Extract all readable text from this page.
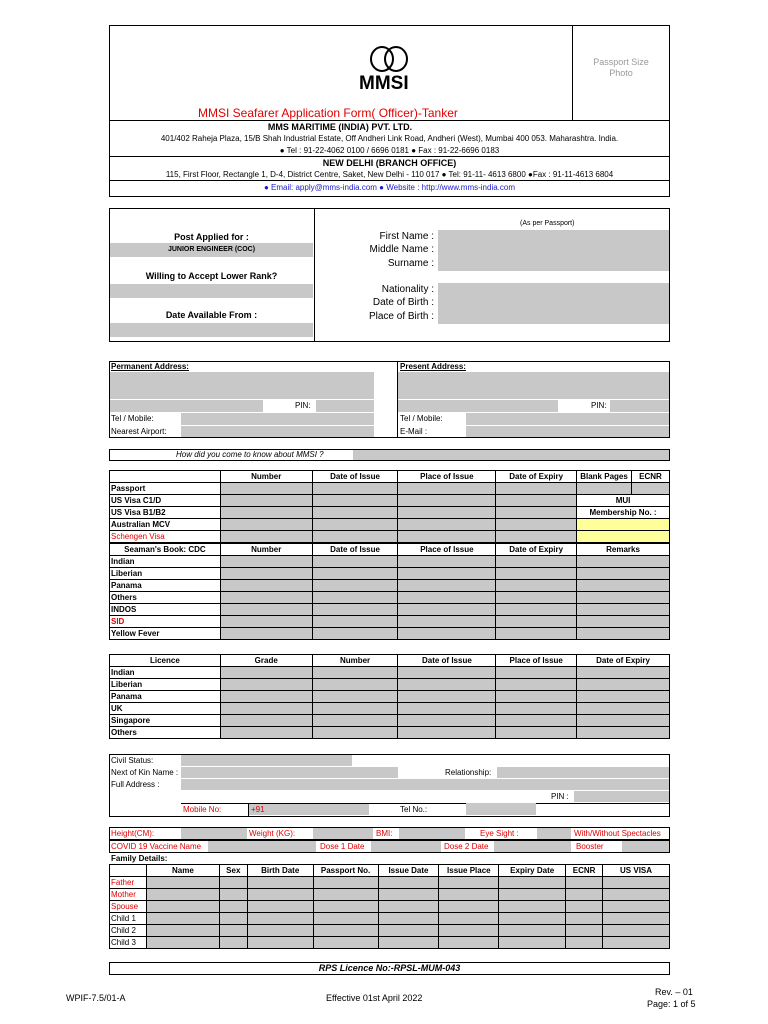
MMSI
MMSI Seafarer Application Form( Officer)-Tanker
MMS MARITIME (INDIA) PVT. LTD.
401/402 Raheja Plaza, 15/B Shah Industrial Estate, Off Andheri Link Road, Andheri (West), Mumbai 400 053. Maharashtra. India.
● Tel : 91-22-4062 0100 / 6696 0181 ● Fax : 91-22-6696 0183
NEW DELHI (BRANCH OFFICE)
115, First Floor, Rectangle 1, D-4, District Centre, Saket, New Delhi - 110 017 ● Tel: 91-11- 4613 6800 ●Fax : 91-11-4613 6804
● Email: apply@mms-india.com ● Website : http://www.mms-india.com
Passport Size Photo
Post Applied for :
JUNIOR ENGINEER (COC)
Willing to Accept Lower Rank?
Date Available From :
(As per Passport)
First Name :
Middle Name :
Surname :
Nationality :
Date of Birth :
Place of Birth :
Permanent Address:	Present Address:
PIN:
Tel / Mobile:
Nearest Airport:
PIN:
Tel / Mobile:
E-Mail :
How did you come to know about MMSI ?
	Number	Date of Issue	Place of Issue	Date of Expiry	Blank Pages	ECNR
Passport						
US Visa C1/D					MUI	
US Visa B1/B2					Membership No. :	
Australian MCV						
Schengen Visa						
Seaman's Book: CDC	Number	Date of Issue	Place of Issue	Date of Expiry	Remarks
Indian					
Liberian					
Panama					
Others					
INDOS					
SID					
Yellow Fever					
Licence	Grade	Number	Date of Issue	Place of Issue	Date of Expiry
Indian					
Liberian					
Panama					
UK					
Singapore					
Others					
Civil Status:
Next of Kin Name :	Relationship:
Full Address :
PIN :
Mobile No:	+91	Tel No.:
Height(CM):	Weight (KG):	BMI:	Eye Sight :	With/Without Spectacles
COVID 19 Vaccine Name	Dose 1 Date	Dose 2 Date	Booster
Family Details:
	Name	Sex	Birth Date	Passport No.	Issue Date	Issue Place	Expiry Date	ECNR	US VISA
Father									
Mother									
Spouse									
Child 1									
Child 2									
Child 3									
RPS Licence No:-RPSL-MUM-043
WPIF-7.5/01-A	Effective 01st April 2022
Rev. – 01
Page: 1 of 5
